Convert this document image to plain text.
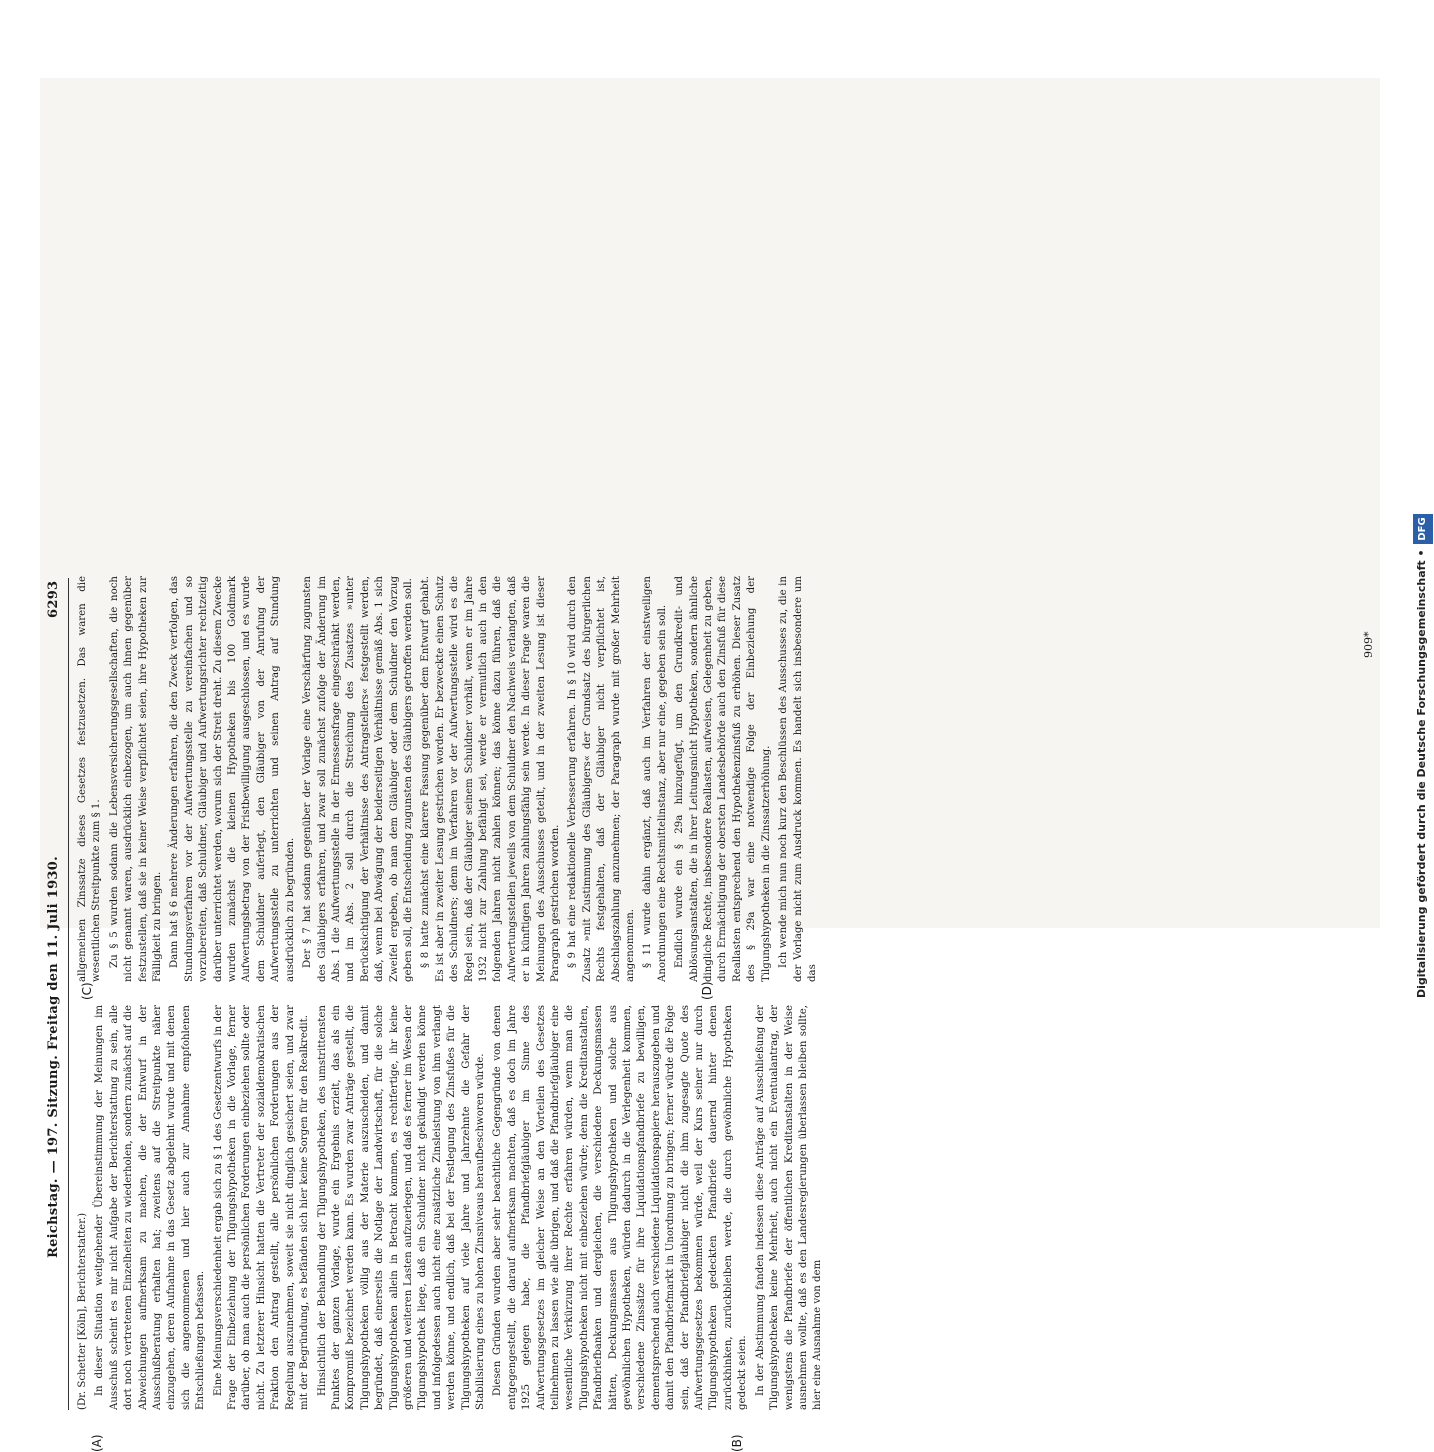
Reichstag. — 197. Sitzung. Freitag den 11. Juli 1930.
6293
(A)	(B)
(C)	(D)

(Dr. Schetter [Köln], Berichterstatter.) In dieser Situation weitgehender Übereinstimmung der Meinungen im Ausschuß scheint es mir nicht Aufgabe der Berichterstattung zu sein, alle dort noch vertretenen Einzelheiten zu wiederholen, sondern zunächst auf die Abweichungen aufmerksam zu machen, die der Entwurf in der Ausschußberatung erhalten hat; zweitens auf die Streitpunkte näher einzugehen, deren Aufnahme in das Gesetz abgelehnt wurde und mit denen sich die angenommenen und hier auch zur Annahme empfohlenen Entschließungen befassen. Eine Meinungsverschiedenheit ergab sich zu § 1 des Gesetzentwurfs in der Frage der Einbeziehung der Tilgungshypotheken in die Vorlage, ferner darüber, ob man auch die persönlichen Forderungen einbeziehen sollte oder nicht. Zu letzterer Hinsicht hatten die Vertreter der sozialdemokratischen Fraktion den Antrag gestellt, alle persönlichen Forderungen aus der Regelung auszunehmen, soweit sie nicht dinglich gesichert seien, und zwar mit der Begründung, es befänden sich hier keine Sorgen für den Realkredit. Hinsichtlich der Behandlung der Tilgungshypotheken, des umstrittensten Punktes der ganzen Vorlage, wurde ein Ergebnis erzielt, das als ein Kompromiß bezeichnet werden kann. Es wurden zwar Anträge gestellt, die Tilgungshypotheken völlig aus der Materie auszuscheiden, und damit begründet, daß einerseits die Notlage der Landwirtschaft, für die solche Tilgungshypotheken allein in Betracht kommen, es rechtfertige, ihr keine größeren und weiteren Lasten aufzuerlegen, und daß es ferner im Wesen der Tilgungshypothek liege, daß ein Schuldner nicht gekündigt werden könne und infolgedessen auch nicht eine zusätzliche Zinsleistung von ihm verlangt werden könne, und endlich, daß bei der Festlegung des Zinsfußes für die Tilgungshypotheken auf viele Jahre und Jahrzehnte die Gefahr der Stabilisierung eines zu hohen Zinsniveaus heraufbeschworen würde. Diesen Gründen wurden aber sehr beachtliche Gegengründe von denen entgegengestellt, die darauf aufmerksam machten, daß es doch im Jahre 1925 gelegen habe, die Pfandbriefgläubiger im Sinne des Aufwertungsgesetzes im gleicher Weise an den Vorteilen des Gesetzes teilnehmen zu lassen wie alle übrigen, und daß die Pfandbriefgläubiger eine wesentliche Verkürzung ihrer Rechte erfahren würden, wenn man die Tilgungshypotheken nicht mit einbeziehen würde; denn die Kreditanstalten, Pfandbriefbanken und dergleichen, die verschiedene Deckungsmassen hätten, Deckungsmassen aus Tilgungshypotheken und solche aus gewöhnlichen Hypotheken, würden dadurch in die Verlegenheit kommen, verschiedene Zinssätze für ihre Liquidationspfandbriefe zu bewilligen, dementsprechend auch verschiedene Liquidationspapiere herauszugeben und damit den Pfandbriefmarkt in Unordnung zu bringen; ferner würde die Folge sein, daß der Pfandbriefgläubiger nicht die ihm zugesagte Quote des Aufwertungsgesetzes bekommen würde, weil der Kurs seiner nur durch Tilgungshypotheken gedeckten Pfandbriefe dauernd hinter denen zurückhinken, zurückbleiben werde, die durch gewöhnliche Hypotheken gedeckt seien. In der Abstimmung fanden indessen diese Anträge auf Ausschließung der Tilgungshypotheken keine Mehrheit, auch nicht ein Eventualantrag, der wenigstens die Pfandbriefe der öffentlichen Kreditanstalten in der Weise ausnehmen wollte, daß es den Landesregierungen überlassen bleiben sollte, hier eine Ausnahme von dem

allgemeinen Zinssatze dieses Gesetzes festzusetzen. Das waren die wesentlichen Streitpunkte zum § 1. Zu § 5 wurden sodann die Lebensversicherungsgesellschaften, die noch nicht genannt waren, ausdrücklich einbezogen, um auch ihnen gegenüber festzustellen, daß sie in keiner Weise verpflichtet seien, ihre Hypotheken zur Fälligkeit zu bringen. Dann hat § 6 mehrere Änderungen erfahren, die den Zweck verfolgen, das Stundungsverfahren vor der Aufwertungsstelle zu vereinfachen und so vorzubereiten, daß Schuldner, Gläubiger und Aufwertungsrichter rechtzeitig darüber unterrichtet werden, worum sich der Streit dreht. Zu diesem Zwecke wurden zunächst die kleinen Hypotheken bis 100 Goldmark Aufwertungsbetrag von der Fristbewilligung ausgeschlossen, und es wurde dem Schuldner auferlegt, den Gläubiger von der Anrufung der Aufwertungsstelle zu unterrichten und seinen Antrag auf Stundung ausdrücklich zu begründen. Der § 7 hat sodann gegenüber der Vorlage eine Verschärfung zugunsten des Gläubigers erfahren, und zwar soll zunächst zufolge der Änderung im Abs. 1 die Aufwertungsstelle in der Ermessensfrage eingeschränkt werden, und im Abs. 2 soll durch die Streichung des Zusatzes »unter Berücksichtigung der Verhältnisse des Antragstellers« festgestellt werden, daß, wenn bei Abwägung der beiderseitigen Verhältnisse gemäß Abs. 1 sich Zweifel ergeben, ob man dem Gläubiger oder dem Schuldner den Vorzug geben soll, die Entscheidung zugunsten des Gläubigers getroffen werden soll. § 8 hatte zunächst eine klarere Fassung gegenüber dem Entwurf gehabt. Es ist aber in zweiter Lesung gestrichen worden. Er bezweckte einen Schutz des Schuldners; denn im Verfahren vor der Aufwertungsstelle wird es die Regel sein, daß der Gläubiger seinem Schuldner vorhält, wenn er im Jahre 1932 nicht zur Zahlung befähigt sei, werde er vermutlich auch in den folgenden Jahren nicht zahlen können; das könne dazu führen, daß die Aufwertungsstellen jeweils von dem Schuldner den Nachweis verlangten, daß er in künftigen Jahren zahlungsfähig sein werde. In dieser Frage waren die Meinungen des Ausschusses geteilt, und in der zweiten Lesung ist dieser Paragraph gestrichen worden. § 9 hat eine redaktionelle Verbesserung erfahren. In § 10 wird durch den Zusatz »mit Zustimmung des Gläubigers« der Grundsatz des bürgerlichen Rechts festgehalten, daß der Gläubiger nicht verpflichtet ist, Abschlagszahlung anzunehmen; der Paragraph wurde mit großer Mehrheit angenommen. § 11 wurde dahin ergänzt, daß auch im Verfahren der einstweiligen Anordnungen eine Rechtsmittelinstanz, aber nur eine, gegeben sein soll. Endlich wurde ein § 29a hinzugefügt, um den Grundkredit- und Ablösungsanstalten, die in ihrer Leitungsnicht Hypotheken, sondern ähnliche dingliche Rechte, insbesondere Reallasten, aufweisen, Gelegenheit zu geben, durch Ermächtigung der obersten Landesbehörde auch den Zinsfuß für diese Reallasten entsprechend den Hypothekenzinsfuß zu erhöhen. Dieser Zusatz des § 29a war eine notwendige Folge der Einbeziehung der Tilgungshypotheken in die Zinssatzerhöhung. Ich wende mich nun noch kurz den Beschlüssen des Ausschusses zu, die in der Vorlage nicht zum Ausdruck kommen. Es handelt sich insbesondere um das

909*	Digitalisierung gefördert durch die Deutsche Forschungsgemeinschaft • DFG
